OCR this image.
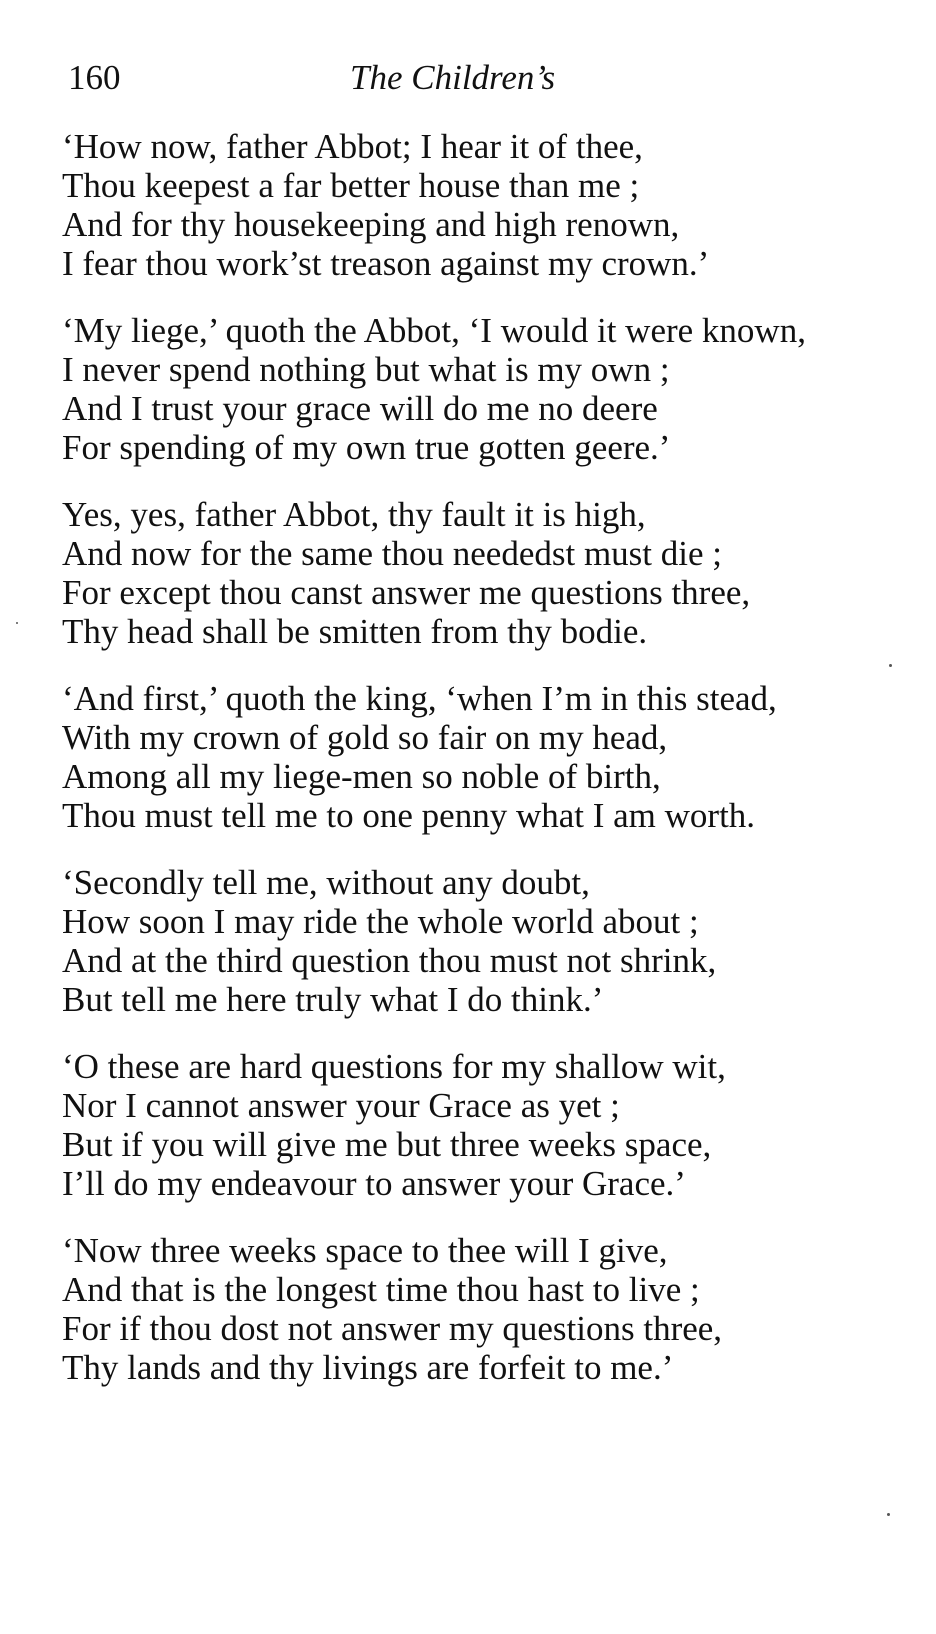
160	The Children’s
‘How now, father Abbot; I hear it of thee,
Thou keepest a far better house than me ;
And for thy housekeeping and high renown,
I fear thou work’st treason against my crown.’
‘My liege,’ quoth the Abbot, ‘I would it were known,
I never spend nothing but what is my own ;
And I trust your grace will do me no deere
For spending of my own true gotten geere.’
Yes, yes, father Abbot, thy fault it is high,
And now for the same thou neededst must die ;
For except thou canst answer me questions three,
Thy head shall be smitten from thy bodie.
‘And first,’ quoth the king, ‘when I’m in this stead,
With my crown of gold so fair on my head,
Among all my liege-men so noble of birth,
Thou must tell me to one penny what I am worth.
‘Secondly tell me, without any doubt,
How soon I may ride the whole world about ;
And at the third question thou must not shrink,
But tell me here truly what I do think.’
‘O these are hard questions for my shallow wit,
Nor I cannot answer your Grace as yet ;
But if you will give me but three weeks space,
I’ll do my endeavour to answer your Grace.’
‘Now three weeks space to thee will I give,
And that is the longest time thou hast to live ;
For if thou dost not answer my questions three,
Thy lands and thy livings are forfeit to me.’
